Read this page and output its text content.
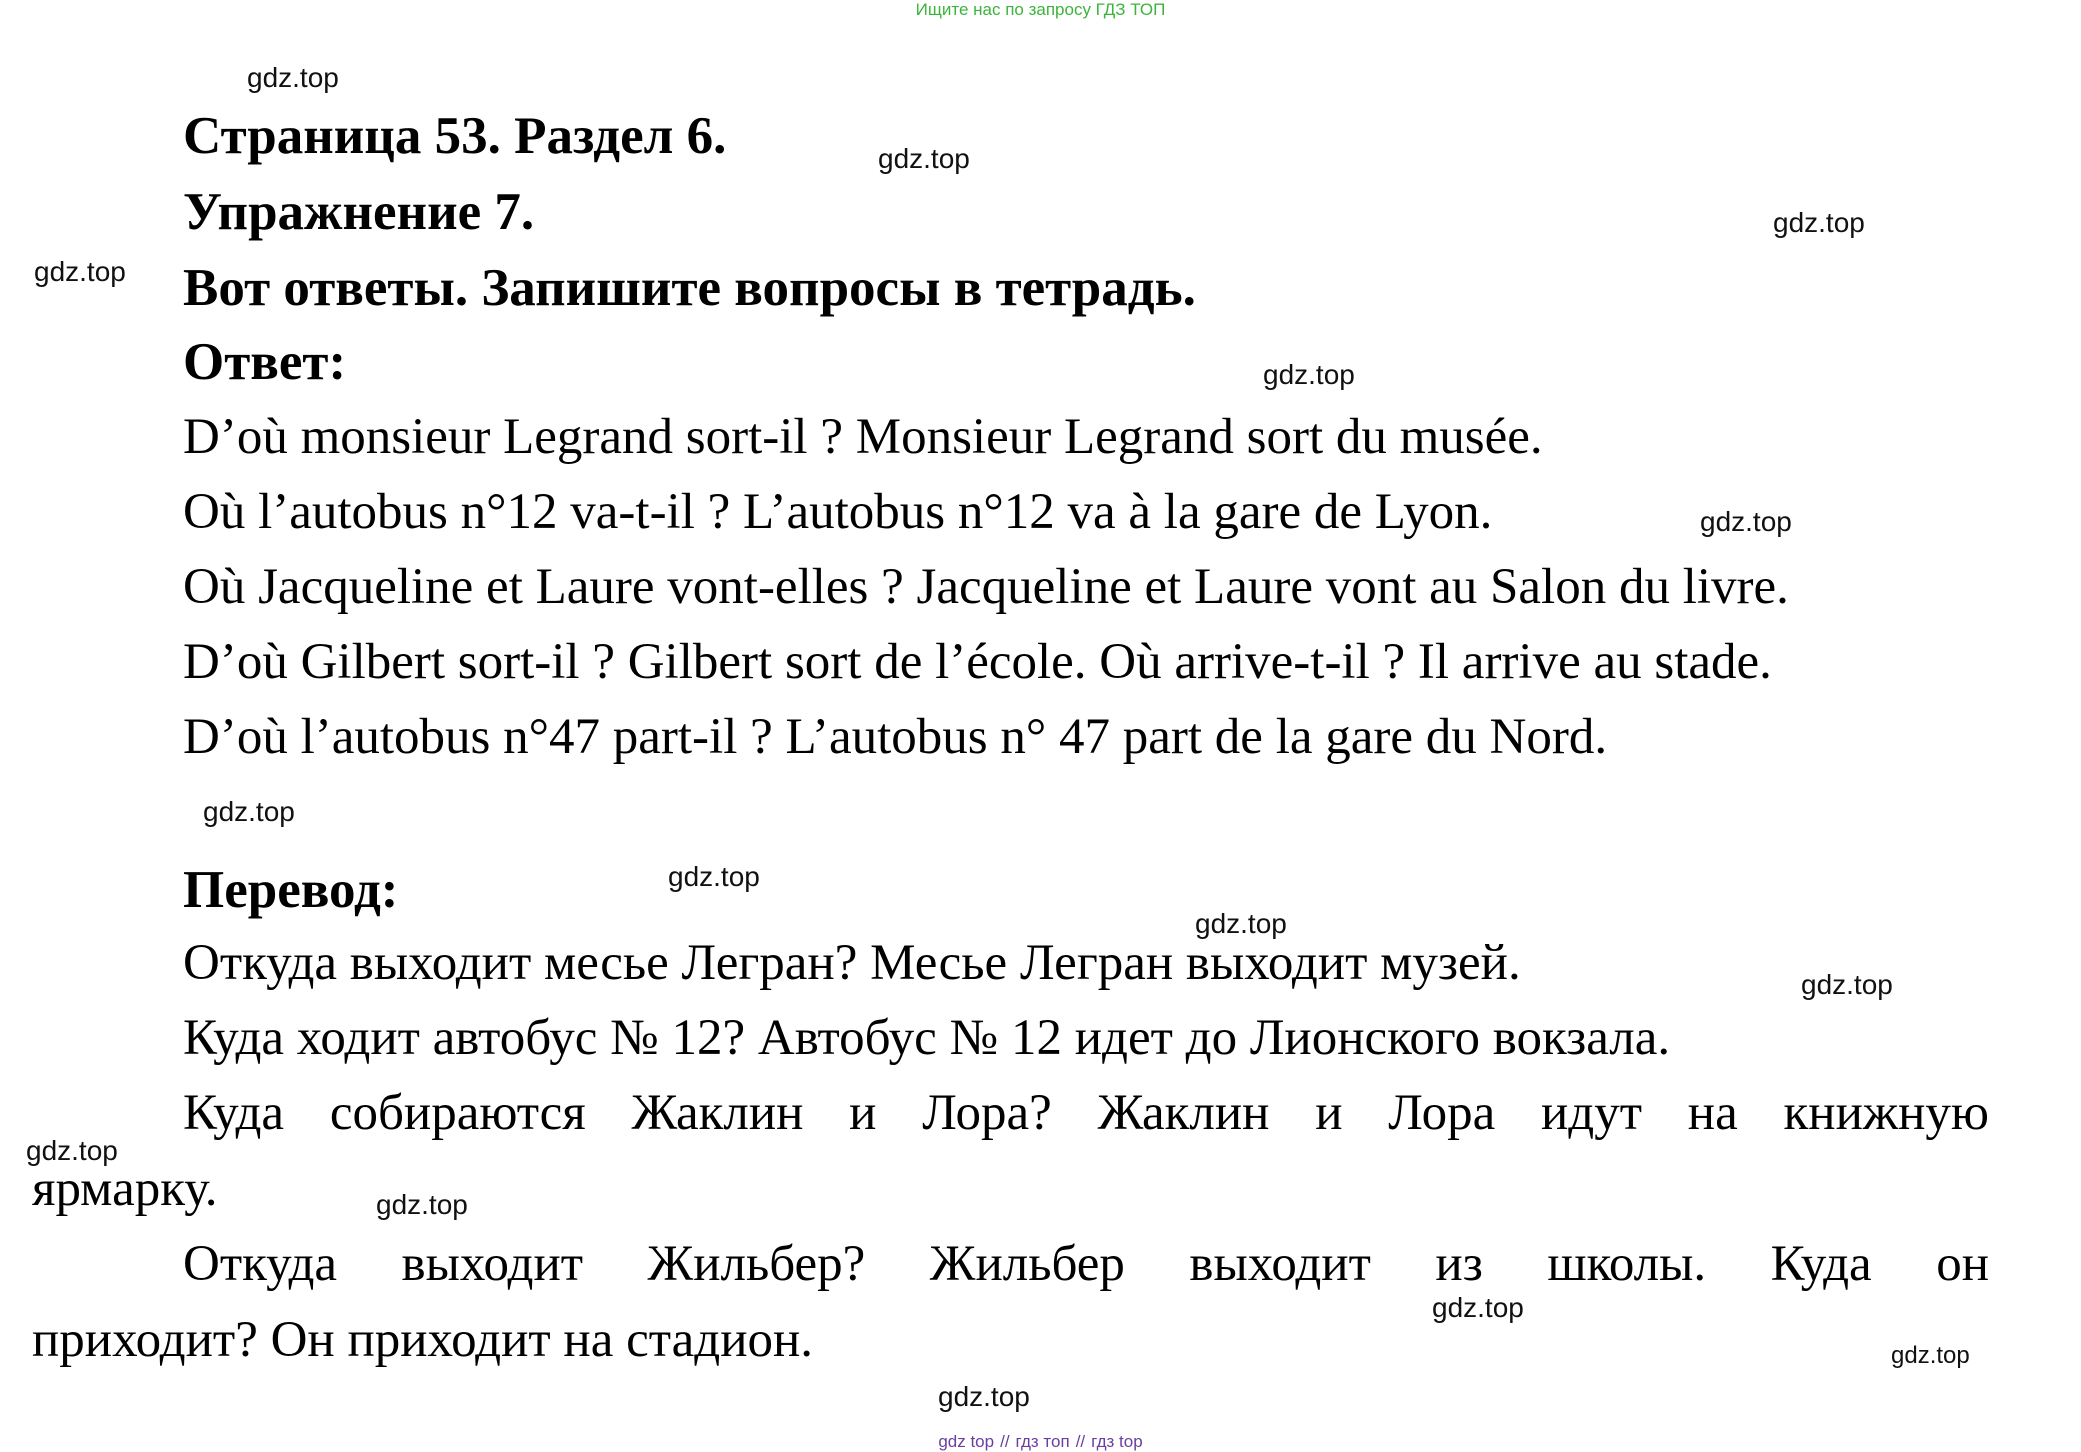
Ищите нас по запросу ГДЗ ТОП
gdz.top
gdz.top
gdz.top
gdz.top
gdz.top
gdz.top
gdz.top
gdz.top
gdz.top
gdz.top
gdz.top
gdz.top
gdz.top
gdz.top
gdz.top
Страница 53. Раздел 6.
Упражнение 7.
Вот ответы. Запишите вопросы в тетрадь.
Ответ:
D’où monsieur Legrand sort-il ? Monsieur Legrand sort du musée.
Où l’autobus n°12 va-t-il ? L’autobus n°12 va à la gare de Lyon.
Où Jacqueline et Laure vont-elles ? Jacqueline et Laure vont au Salon du livre.
D’où Gilbert sort-il ? Gilbert sort de l’école. Où arrive-t-il ? Il arrive au stade.
D’où l’autobus n°47 part-il ? L’autobus n° 47 part de la gare du Nord.
Перевод:
Откуда выходит месье Легран? Месье Легран выходит музей.
Куда ходит автобус № 12? Автобус № 12 идет до Лионского вокзала.
Куда собираются Жаклин и Лора? Жаклин и Лора идут на книжную
ярмарку.
Откуда выходит Жильбер? Жильбер выходит из школы. Куда он
приходит? Он приходит на стадион.
gdz top // гдз топ // гдз top
